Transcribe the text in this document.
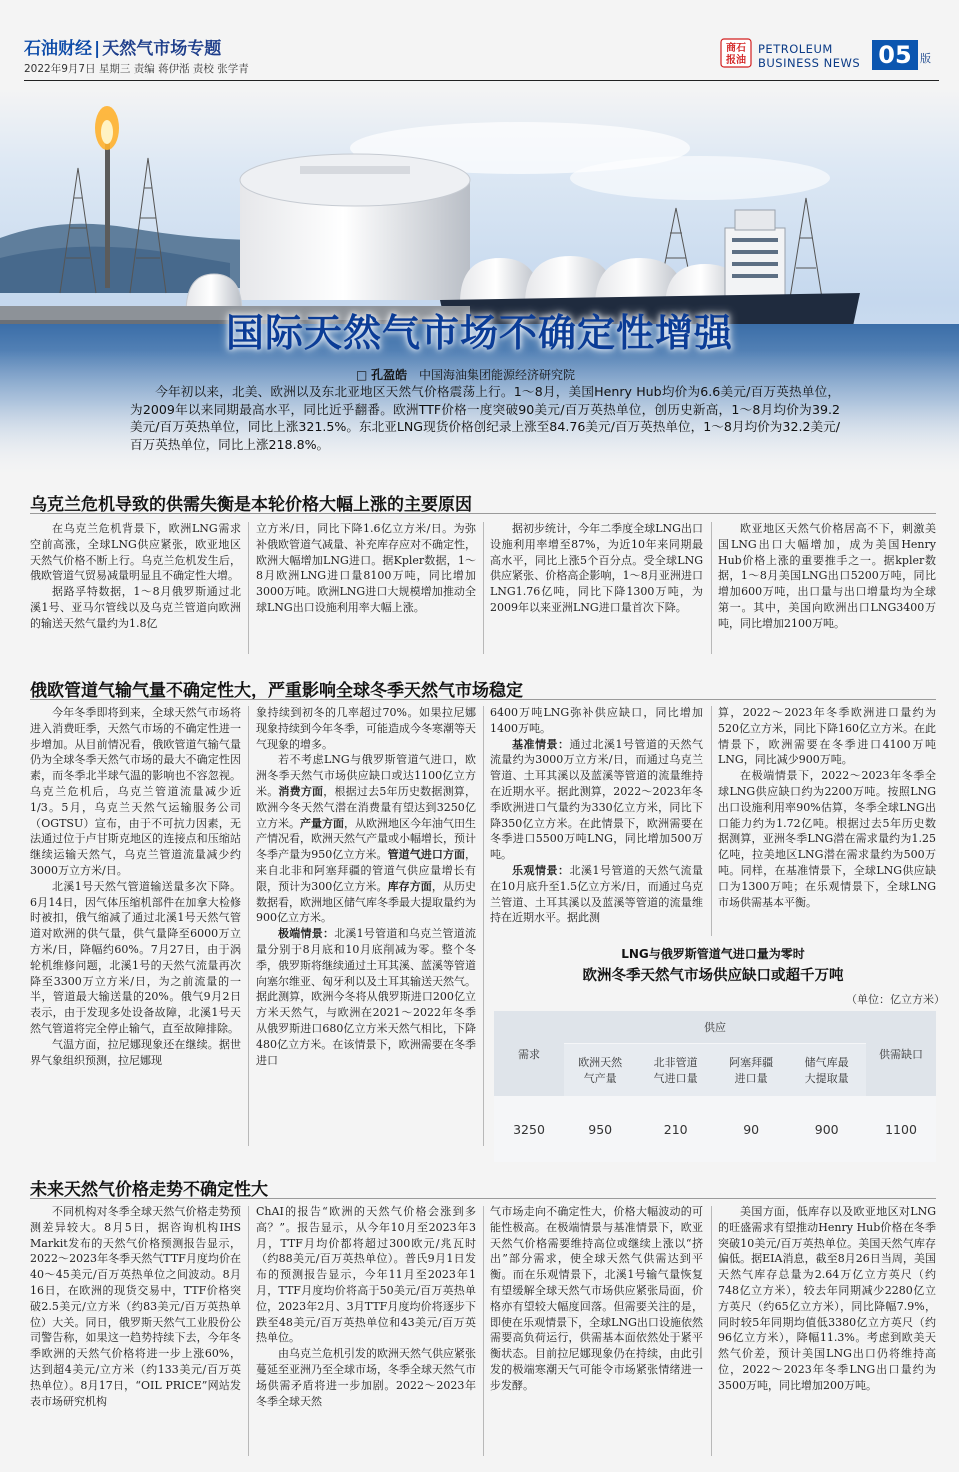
石油财经 | 天然气市场专题
2022年9月7日 星期三 责编 蒋伊湉 责校 张学青
商石
报油
PETROLEUM
BUSINESS NEWS 05 版
国际天然气市场不确定性增强
□ 孔盈皓 中国海油集团能源经济研究院
今年初以来，北美、欧洲以及东北亚地区天然气价格震荡上行。1～8月，美国Henry Hub均价为6.6美元/百万英热单位，为2009年以来同期最高水平，同比近乎翻番。欧洲TTF价格一度突破90美元/百万英热单位，创历史新高，1～8月均价为39.2美元/百万英热单位，同比上涨321.5%。东北亚LNG现货价格创纪录上涨至84.76美元/百万英热单位，1～8月均价为32.2美元/百万英热单位，同比上涨218.8%。
乌克兰危机导致的供需失衡是本轮价格大幅上涨的主要原因

在乌克兰危机背景下，欧洲LNG需求空前高涨，全球LNG供应紧张，欧亚地区天然气价格不断上行。乌克兰危机发生后，俄欧管道气贸易减量明显且不确定性大增。

据路孚特数据，1～8月俄罗斯通过北溪1号、亚马尔管线以及乌克兰管道向欧洲的输送天然气量约为1.8亿

立方米/日，同比下降1.6亿立方米/日。为弥补俄欧管道气减量、补充库存应对不确定性，欧洲大幅增加LNG进口。据Kpler数据，1～8月欧洲LNG进口量8100万吨，同比增加3000万吨。欧洲LNG进口大规模增加推动全球LNG出口设施利用率大幅上涨。

据初步统计，今年二季度全球LNG出口设施利用率增至87%，为近10年来同期最高水平，同比上涨5个百分点。受全球LNG供应紧张、价格高企影响，1～8月亚洲进口LNG1.76亿吨，同比下降1300万吨，为2009年以来亚洲LNG进口量首次下降。

欧亚地区天然气价格居高不下，刺激美国LNG出口大幅增加，成为美国Henry Hub价格上涨的重要推手之一。据kpler数据，1～8月美国LNG出口5200万吨，同比增加600万吨，出口量与出口增量均为全球第一。其中，美国向欧洲出口LNG3400万吨，同比增加2100万吨。

俄欧管道气输气量不确定性大，严重影响全球冬季天然气市场稳定

今年冬季即将到来，全球天然气市场将进入消费旺季，天然气市场的不确定性进一步增加。从目前情况看，俄欧管道气输气量仍为全球冬季天然气市场的最大不确定性因素，而冬季北半球气温的影响也不容忽视。乌克兰危机后，乌克兰管道流量减少近1/3。5月，乌克兰天然气运输服务公司（OGTSU）宣布，由于不可抗力因素，无法通过位于卢甘斯克地区的连接点和压缩站继续运输天然气，乌克兰管道流量减少约3000万立方米/日。

北溪1号天然气管道输送量多次下降。6月14日，因气体压缩机部件在加拿大检修时被扣，俄气缩减了通过北溪1号天然气管道对欧洲的供气量，供气量降至6000万立方米/日，降幅约60%。7月27日，由于涡轮机维修问题，北溪1号的天然气流量再次降至3300万立方米/日，为之前流量的一半，管道最大输送量的20%。俄气9月2日表示，由于发现多处设备故障，北溪1号天然气管道将完全停止输气，直至故障排除。

气温方面，拉尼娜现象还在继续。据世界气象组织预测，拉尼娜现

象持续到初冬的几率超过70%。如果拉尼娜现象持续到今年冬季，可能造成今冬寒潮等天气现象的增多。

若不考虑LNG与俄罗斯管道气进口，欧洲冬季天然气市场供应缺口或达1100亿立方米。消费方面，根据过去5年历史数据测算，欧洲今冬天然气潜在消费量有望达到3250亿立方米。产量方面，从欧洲地区今年油气田生产情况看，欧洲天然气产量或小幅增长，预计冬季产量为950亿立方米。管道气进口方面，来自北非和阿塞拜疆的管道气供应量增长有限，预计为300亿立方米。库存方面，从历史数据看，欧洲地区储气库冬季最大提取量约为900亿立方米。

极端情景：北溪1号管道和乌克兰管道流量分别于8月底和10月底削减为零。整个冬季，俄罗斯将继续通过土耳其溪、蓝溪等管道向塞尔维亚、匈牙利以及土耳其输送天然气。据此测算，欧洲今冬将从俄罗斯进口200亿立方米天然气，与欧洲在2021～2022年冬季从俄罗斯进口680亿立方米天然气相比，下降480亿立方米。在该情景下，欧洲需要在冬季进口

6400万吨LNG弥补供应缺口，同比增加1400万吨。

基准情景：通过北溪1号管道的天然气流量约为3000万立方米/日，而通过乌克兰管道、土耳其溪以及蓝溪等管道的流量维持在近期水平。据此测算，2022～2023年冬季欧洲进口气量约为330亿立方米，同比下降350亿立方米。在此情景下，欧洲需要在冬季进口5500万吨LNG，同比增加500万吨。

乐观情景：北溪1号管道的天然气流量在10月底升至1.5亿立方米/日，而通过乌克兰管道、土耳其溪以及蓝溪等管道的流量维持在近期水平。据此测

算，2022～2023年冬季欧洲进口量约为520亿立方米，同比下降160亿立方米。在此情景下，欧洲需要在冬季进口4100万吨LNG，同比减少900万吨。

在极端情景下，2022～2023年冬季全球LNG供应缺口约为2200万吨。按照LNG出口设施利用率90%估算，冬季全球LNG出口能力约为1.72亿吨。根据过去5年历史数据测算，亚洲冬季LNG潜在需求量约为1.25亿吨，拉美地区LNG潜在需求量约为500万吨。同样，在基准情景下，全球LNG供应缺口为1300万吨；在乐观情景下，全球LNG市场供需基本平衡。

LNG与俄罗斯管道气进口量为零时
欧洲冬季天然气市场供应缺口或超千万吨
（单位：亿立方米）
需求	供应				供需缺口
	欧洲天然气产量	北非管道气进口量	阿塞拜疆进口量	储气库最大提取量	
3250	950	210	90	900	1100
未来天然气价格走势不确定性大

不同机构对冬季全球天然气价格走势预测差异较大。8月5日，据咨询机构IHS Markit发布的天然气价格预测报告显示，2022～2023年冬季天然气TTF月度均价在40～45美元/百万英热单位之间波动。8月16日，在欧洲的现货交易中，TTF价格突破2.5美元/立方米（约83美元/百万英热单位）大关。同日，俄罗斯天然气工业股份公司警告称，如果这一趋势持续下去，今年冬季欧洲的天然气价格将进一步上涨60%，达到超4美元/立方米（约133美元/百万英热单位）。8月17日，“OIL PRICE”网站发表市场研究机构

ChAI的报告“欧洲的天然气价格会涨到多高？”。报告显示，从今年10月至2023年3月，TTF月均价都将超过300欧元/兆瓦时（约88美元/百万英热单位）。普氏9月1日发布的预测报告显示，今年11月至2023年1月，TTF月度均价将高于50美元/百万英热单位，2023年2月、3月TTF月度均价将逐步下跌至48美元/百万英热单位和43美元/百万英热单位。

由乌克兰危机引发的欧洲天然气供应紧张蔓延至亚洲乃至全球市场，冬季全球天然气市场供需矛盾将进一步加剧。2022～2023年冬季全球天然

气市场走向不确定性大，价格大幅波动的可能性极高。在极端情景与基准情景下，欧亚天然气价格需要维持高位或继续上涨以“挤出”部分需求，使全球天然气供需达到平衡。而在乐观情景下，北溪1号输气量恢复有望缓解全球天然气市场供应紧张局面，价格亦有望较大幅度回落。但需要关注的是，即使在乐观情景下，全球LNG出口设施依然需要高负荷运行，供需基本面依然处于紧平衡状态。目前拉尼娜现象仍在持续，由此引发的极端寒潮天气可能令市场紧张情绪进一步发酵。

美国方面，低库存以及欧亚地区对LNG的旺盛需求有望推动Henry Hub价格在冬季突破10美元/百万英热单位。美国天然气库存偏低。据EIA消息，截至8月26日当周，美国天然气库存总量为2.64万亿立方英尺（约748亿立方米），较去年同期减少2280亿立方英尺（约65亿立方米），同比降幅7.9%，同时较5年同期均值低3380亿立方英尺（约96亿立方米），降幅11.3%。考虑到欧美天然气价差，预计美国LNG出口仍将维持高位，2022～2023年冬季LNG出口量约为3500万吨，同比增加200万吨。
